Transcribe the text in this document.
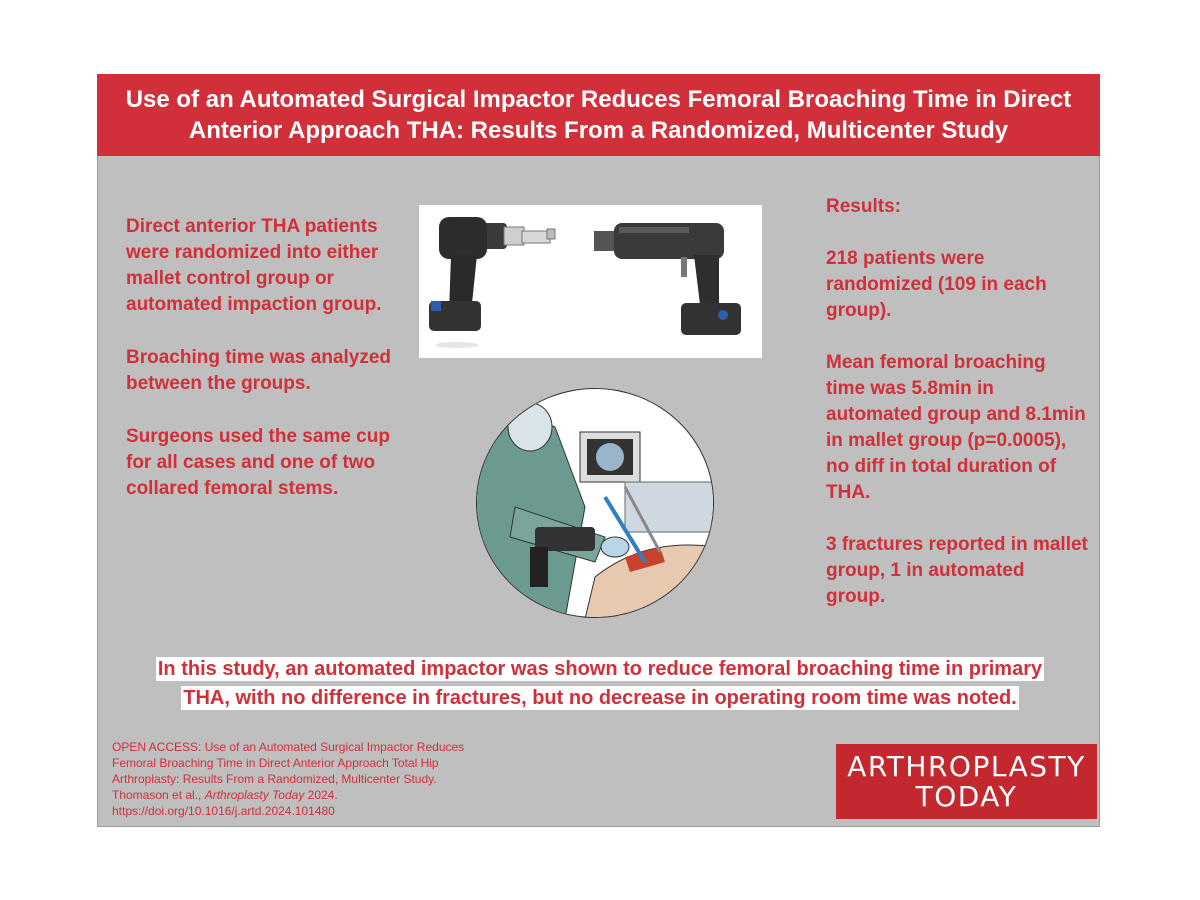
Use of an Automated Surgical Impactor Reduces Femoral Broaching Time in Direct
Anterior Approach THA: Results From a Randomized, Multicenter Study

Direct anterior THA patients were randomized into either mallet control group or automated impaction group.

Broaching time was analyzed between the groups.

Surgeons used the same cup for all cases and one of two collared femoral stems.

Results:

218 patients were randomized (109 in each group).

Mean femoral broaching time was 5.8min in automated group and 8.1min in mallet group (p=0.0005), no diff in total duration of THA.

3 fractures reported in mallet group, 1 in automated group.

In this study, an automated impactor was shown to reduce femoral broaching time in primary
THA, with no difference in fractures, but no decrease in operating room time was noted.
OPEN ACCESS: Use of an Automated Surgical Impactor Reduces
Femoral Broaching Time in Direct Anterior Approach Total Hip
Arthroplasty: Results From a Randomized, Multicenter Study.
Thomason et al., Arthroplasty Today 2024.
https://doi.org/10.1016/j.artd.2024.101480
ARTHROPLASTY
TODAY
